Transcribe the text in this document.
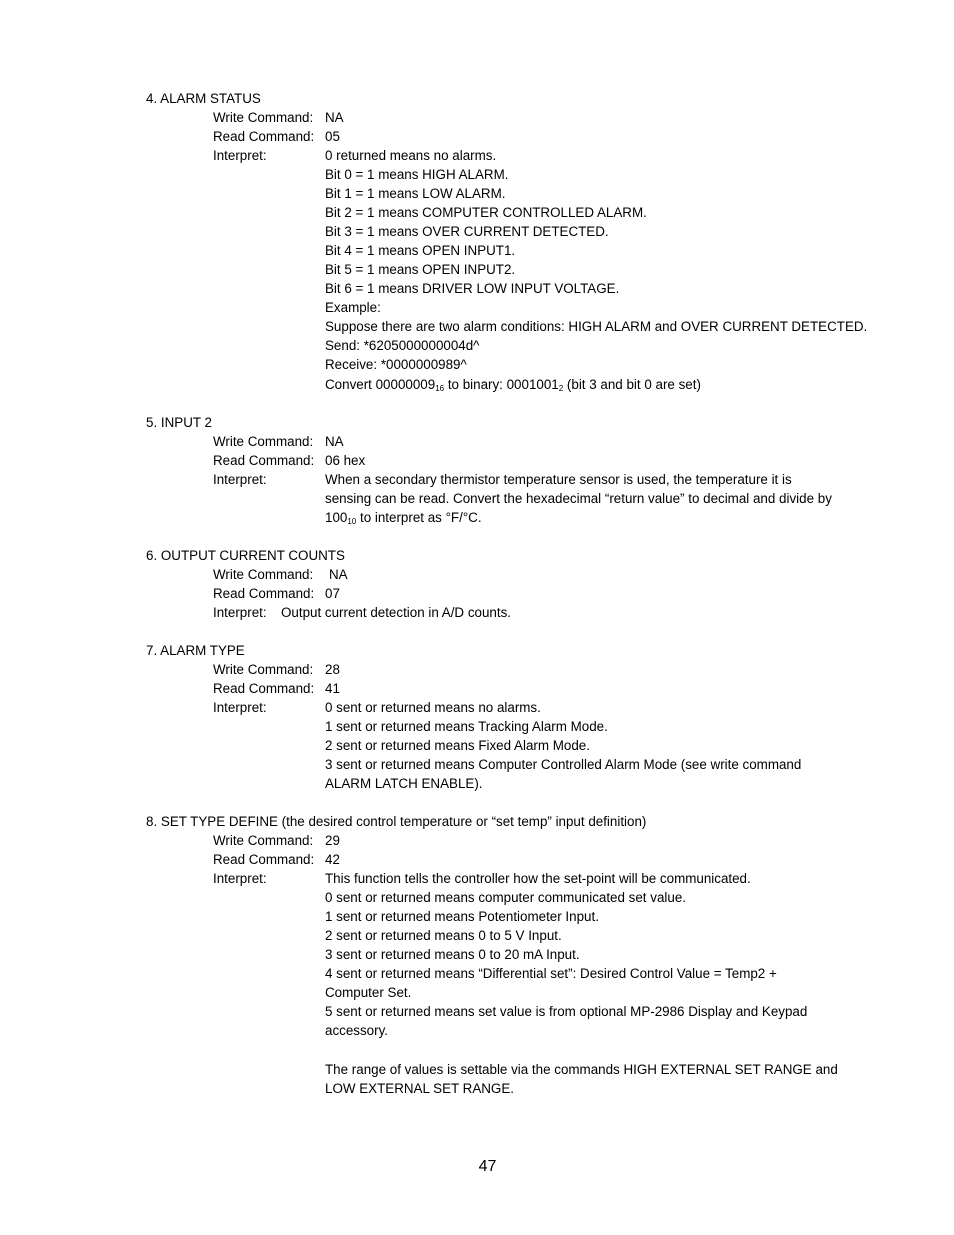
4. ALARM STATUS
Write Command: NA
Read Command: 05
Interpret:	0 returned means no alarms.
Bit 0 = 1 means HIGH ALARM.
Bit 1 = 1 means LOW ALARM.
Bit 2 = 1 means COMPUTER CONTROLLED ALARM.
Bit 3 = 1 means OVER CURRENT DETECTED.
Bit 4 = 1 means OPEN INPUT1.
Bit 5 = 1 means OPEN INPUT2.
Bit 6 = 1 means DRIVER LOW INPUT VOLTAGE.
Example:
Suppose there are two alarm conditions: HIGH ALARM and OVER CURRENT DETECTED.
Send: *6205000000004d^
Receive: *0000000989^
Convert $00000009_{16}$ to binary: $0001001_2$ (bit 3 and bit 0 are set)
5. INPUT 2
Write Command: NA
Read Command: 06 hex
Interpret:	When a secondary thermistor temperature sensor is used, the temperature it is
sensing can be read. Convert the hexadecimal “return value” to decimal and divide by
$100_{10}$ to interpret as °F/°C.
6. OUTPUT CURRENT COUNTS
Write Command: NA
Read Command: 07
Interpret: Output current detection in A/D counts.
7. ALARM TYPE
Write Command: 28
Read Command: 41
Interpret:	0 sent or returned means no alarms.
1 sent or returned means Tracking Alarm Mode.
2 sent or returned means Fixed Alarm Mode.
3 sent or returned means Computer Controlled Alarm Mode (see write command
ALARM LATCH ENABLE).
8. SET TYPE DEFINE (the desired control temperature or “set temp” input definition)
Write Command: 29
Read Command: 42
Interpret:	This function tells the controller how the set-point will be communicated.
0 sent or returned means computer communicated set value.
1 sent or returned means Potentiometer Input.
2 sent or returned means 0 to 5 V Input.
3 sent or returned means 0 to 20 mA Input.
4 sent or returned means “Differential set”: Desired Control Value = Temp2 +
Computer Set.
5 sent or returned means set value is from optional MP-2986 Display and Keypad
accessory.
The range of values is settable via the commands HIGH EXTERNAL SET RANGE and
LOW EXTERNAL SET RANGE.
47
